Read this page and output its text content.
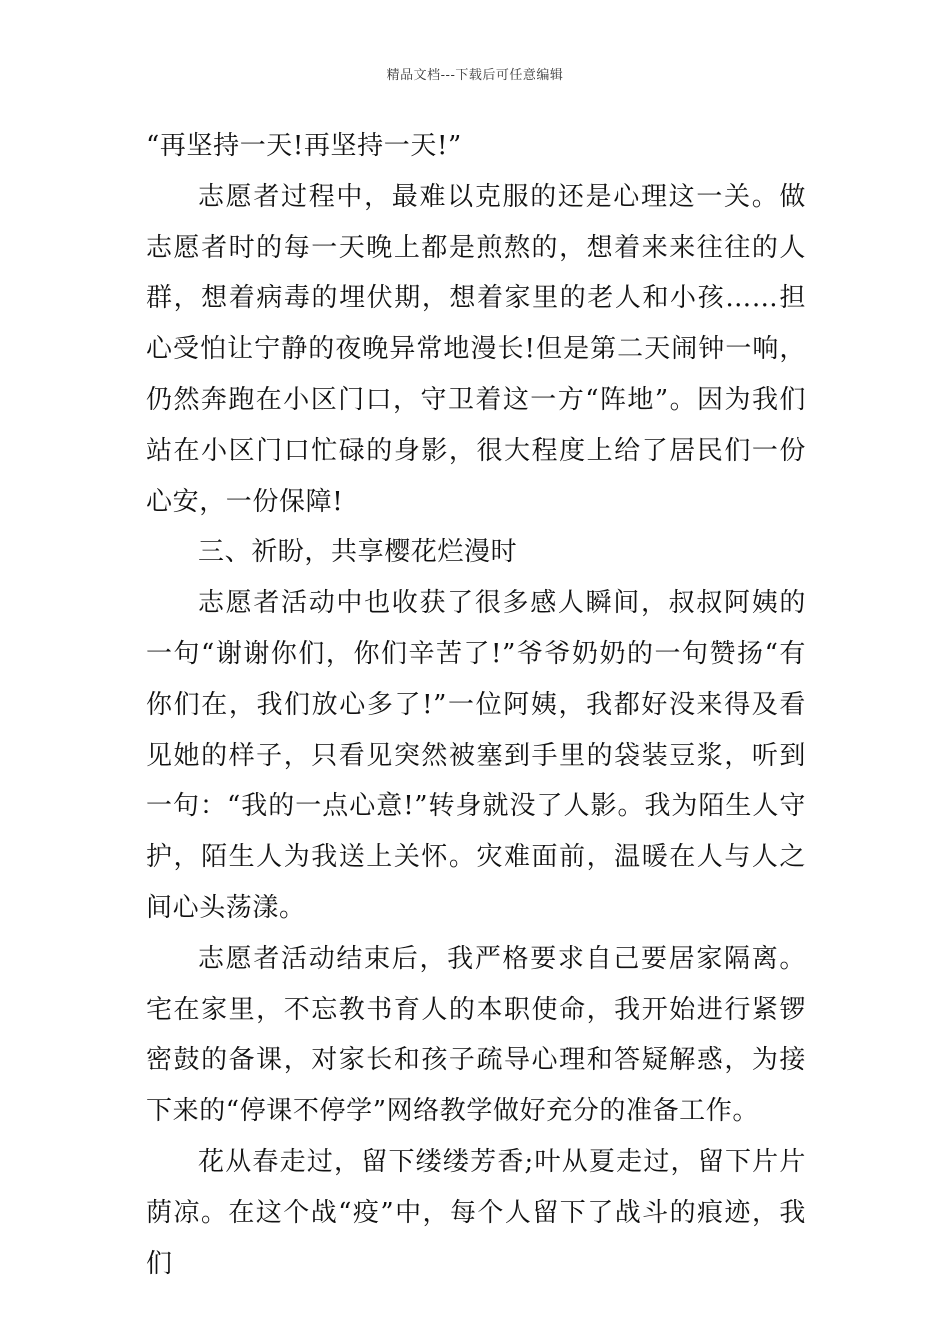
精品文档---下载后可任意编辑

“再坚持一天!再坚持一天!”

志愿者过程中，最难以克服的还是心理这一关。做志愿者时的每一天晚上都是煎熬的，想着来来往往的人群，想着病毒的埋伏期，想着家里的老人和小孩……担心受怕让宁静的夜晚异常地漫长!但是第二天闹钟一响，仍然奔跑在小区门口，守卫着这一方“阵地”。因为我们站在小区门口忙碌的身影，很大程度上给了居民们一份心安，一份保障!

三、祈盼，共享樱花烂漫时

志愿者活动中也收获了很多感人瞬间，叔叔阿姨的一句“谢谢你们，你们辛苦了!”爷爷奶奶的一句赞扬“有你们在，我们放心多了!”一位阿姨，我都好没来得及看见她的样子，只看见突然被塞到手里的袋装豆浆，听到一句：“我的一点心意!”转身就没了人影。我为陌生人守护，陌生人为我送上关怀。灾难面前，温暖在人与人之间心头荡漾。

志愿者活动结束后，我严格要求自己要居家隔离。宅在家里，不忘教书育人的本职使命，我开始进行紧锣密鼓的备课，对家长和孩子疏导心理和答疑解惑，为接下来的“停课不停学”网络教学做好充分的准备工作。

花从春走过，留下缕缕芳香;叶从夏走过，留下片片荫凉。在这个战“疫”中，每个人留下了战斗的痕迹，我们
